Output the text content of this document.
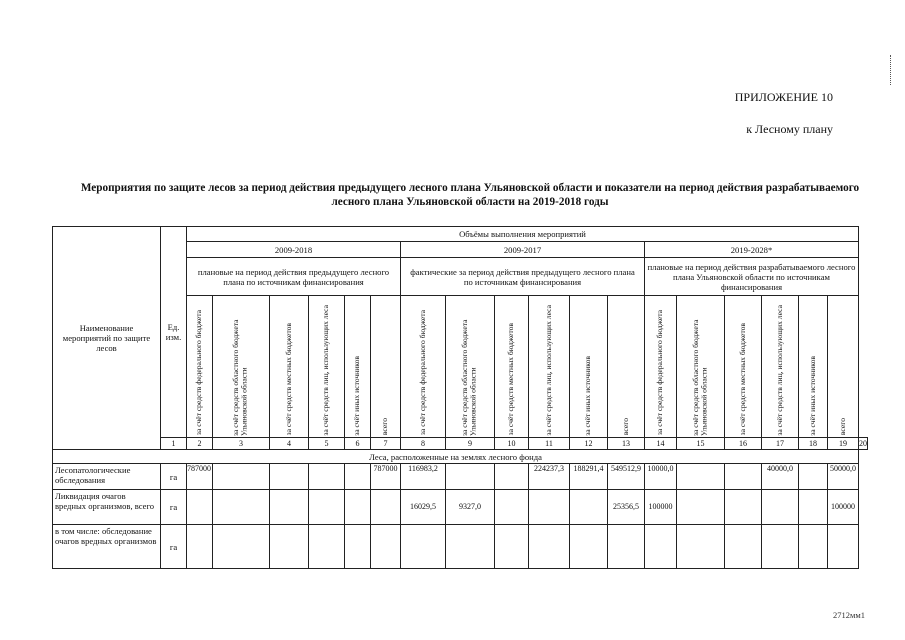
ПРИЛОЖЕНИЕ 10
к Лесному плану
Мероприятия по защите лесов за период действия предыдущего лесного плана Ульяновской области и показатели на период действия разрабатываемого лесного плана Ульяновской области на 2019-2018 годы
Наименование мероприятий по защите лесов	Ед. изм.	Объёмы выполнения мероприятий																		
		2009-2018						2009-2017						2019-2028*						
		плановые на период действия предыдущего лесного плана по источникам финансирования						фактические за период действия предыдущего лесного плана по источникам финансирования						плановые на период действия разрабатываемого лесного плана Ульяновской области по источникам финансирования						

		за счёт средств федерального бюджета	за счёт средств областного бюджета Ульяновской области	за счёт средств местных бюджетов	за счёт средств лиц, использующих леса	за счёт иных источников	всего	за счёт средств федерального бюджета	за счёт средств областного бюджета Ульяновской области	за счёт средств местных бюджетов	за счёт средств лиц, использующих леса	за счёт иных источников	всего	за счёт средств федерального бюджета	за счёт средств областного бюджета Ульяновской области	за счёт средств местных бюджетов	за счёт средств лиц, использующих леса	за счёт иных источников	всего	

	1	2	3	4	5	6	7	8	9	10	11	12	13	14	15	16	17	18	19	20
Леса, расположенные на землях лесного фонда																				
Лесопатологические обследования	га	787000					787000	116983,2			224237,3	188291,4	549512,9	10000,0			40000,0		50000,0	
Ликвидация очагов вредных организмов, всего	га							16029,5	9327,0				25356,5	100000					100000	
в том числе: обследование очагов вредных организмов	га																			
2712мм1
